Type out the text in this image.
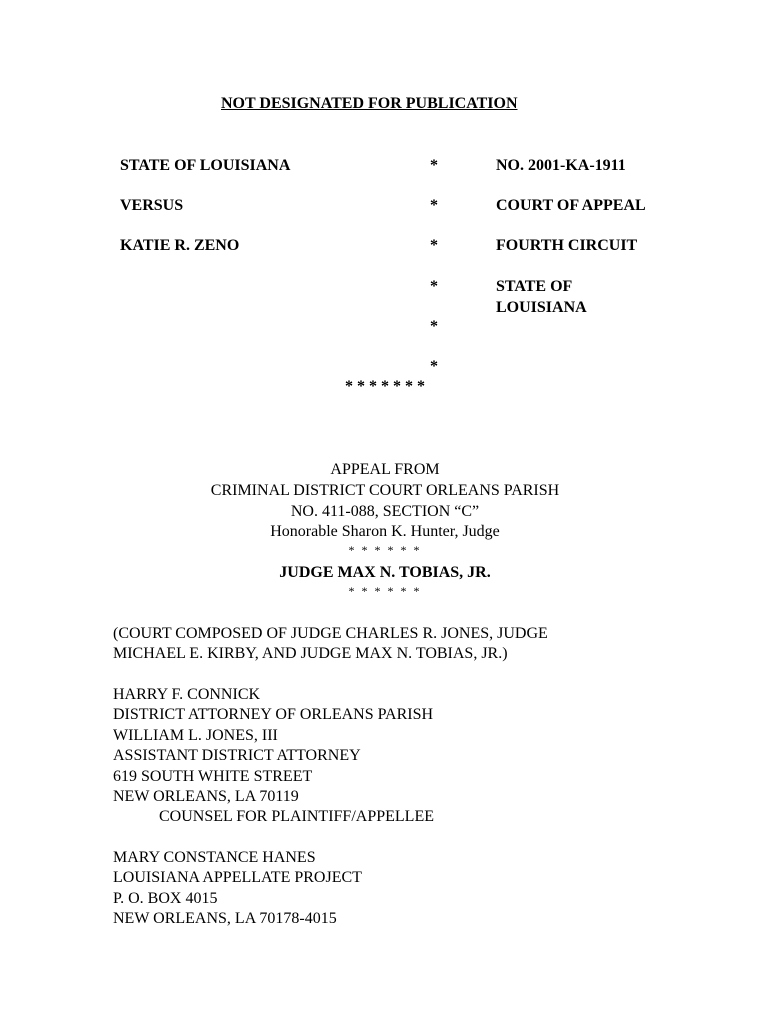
NOT DESIGNATED FOR PUBLICATION
STATE OF LOUISIANA
VERSUS
KATIE R. ZENO
*
*
*
*
*
*
NO. 2001-KA-1911
COURT OF APPEAL
FOURTH CIRCUIT
STATE OF
LOUISIANA
* * * * * * *
APPEAL FROM
CRIMINAL DISTRICT COURT ORLEANS PARISH
NO. 411-088, SECTION “C”
Honorable Sharon K. Hunter, Judge
* * * * * *
JUDGE MAX N. TOBIAS, JR.
* * * * * *
(COURT COMPOSED OF JUDGE CHARLES R. JONES, JUDGE
MICHAEL E. KIRBY, AND JUDGE MAX N. TOBIAS, JR.)
HARRY F. CONNICK
DISTRICT ATTORNEY OF ORLEANS PARISH
WILLIAM L. JONES, III
ASSISTANT DISTRICT ATTORNEY
619 SOUTH WHITE STREET
NEW ORLEANS, LA 70119
COUNSEL FOR PLAINTIFF/APPELLEE
MARY CONSTANCE HANES
LOUISIANA APPELLATE PROJECT
P. O. BOX 4015
NEW ORLEANS, LA 70178-4015
